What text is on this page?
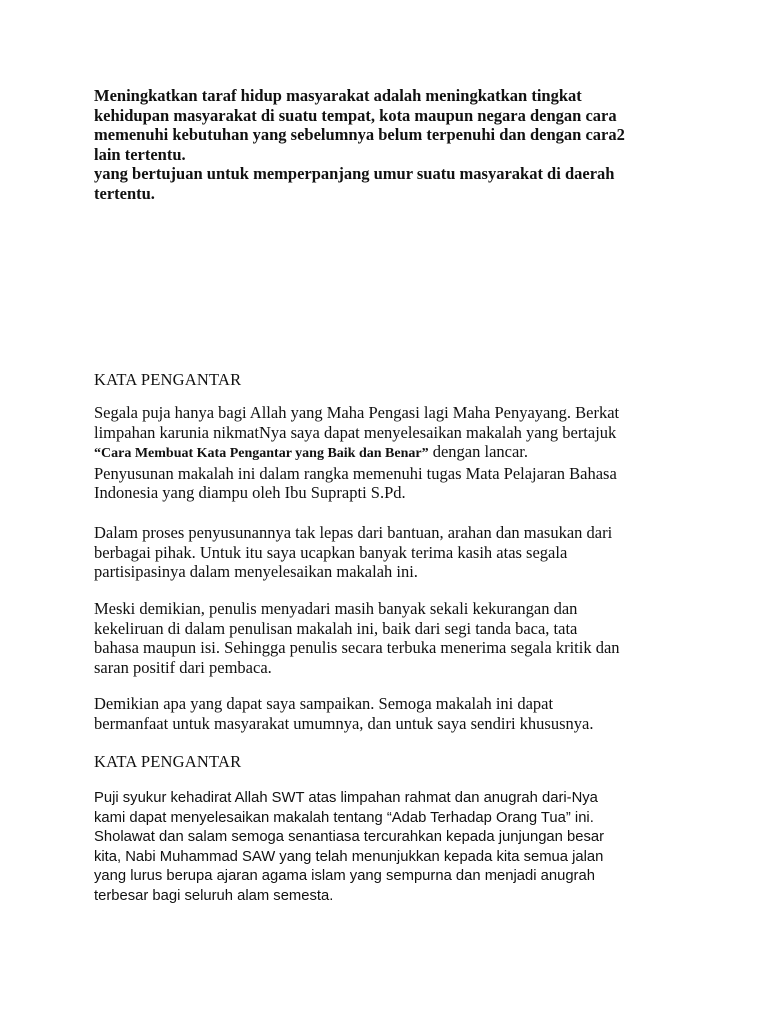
Meningkatkan taraf hidup masyarakat adalah meningkatkan tingkat
kehidupan masyarakat di suatu tempat, kota maupun negara dengan cara
memenuhi kebutuhan yang sebelumnya belum terpenuhi dan dengan cara2
lain tertentu.
yang bertujuan untuk memperpanjang umur suatu masyarakat di daerah
tertentu.

KATA PENGANTAR

Segala puja hanya bagi Allah yang Maha Pengasi lagi Maha Penyayang. Berkat
limpahan karunia nikmatNya saya dapat menyelesaikan makalah yang bertajuk
“Cara Membuat Kata Pengantar yang Baik dan Benar” dengan lancar.
Penyusunan makalah ini dalam rangka memenuhi tugas Mata Pelajaran Bahasa
Indonesia yang diampu oleh Ibu Suprapti S.Pd.

Dalam proses penyusunannya tak lepas dari bantuan, arahan dan masukan dari
berbagai pihak. Untuk itu saya ucapkan banyak terima kasih atas segala
partisipasinya dalam menyelesaikan makalah ini.

Meski demikian, penulis menyadari masih banyak sekali kekurangan dan
kekeliruan di dalam penulisan makalah ini, baik dari segi tanda baca, tata
bahasa maupun isi. Sehingga penulis secara terbuka menerima segala kritik dan
saran positif dari pembaca.

Demikian apa yang dapat saya sampaikan. Semoga makalah ini dapat
bermanfaat untuk masyarakat umumnya, dan untuk saya sendiri khususnya.

KATA PENGANTAR

Puji syukur kehadirat Allah SWT atas limpahan rahmat dan anugrah dari-Nya
kami dapat menyelesaikan makalah tentang “Adab Terhadap Orang Tua” ini.
Sholawat dan salam semoga senantiasa tercurahkan kepada junjungan besar
kita, Nabi Muhammad SAW yang telah menunjukkan kepada kita semua jalan
yang lurus berupa ajaran agama islam yang sempurna dan menjadi anugrah
terbesar bagi seluruh alam semesta.
